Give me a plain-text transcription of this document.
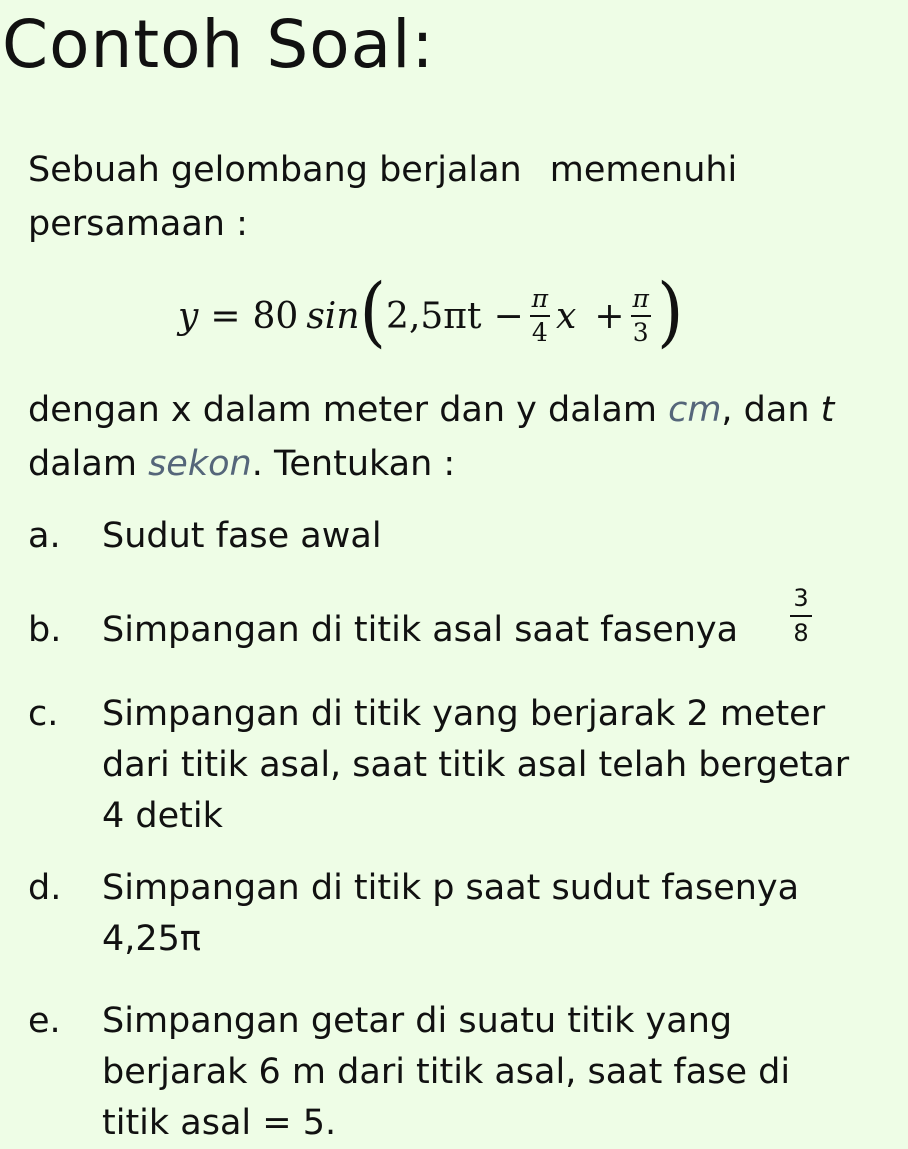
Contoh Soal:
Sebuah gelombang berjalan memenuhi
persamaan :
y = 80 sin ( $2,5\pi t - \frac{\pi}{4}$ $x + \frac{\pi}{3}$ )
dengan x dalam meter dan y dalam cm, dan t
dalam sekon. Tentukan :
a. Sudut fase awal
b. Simpangan di titik asal saat fasenya
3
8
c. Simpangan di titik yang berjarak 2 meter
dari titik asal, saat titik asal telah bergetar
4 detik
d. Simpangan di titik p saat sudut fasenya
4,25π
e. Simpangan getar di suatu titik yang
berjarak 6 m dari titik asal, saat fase di
titik asal = 5.
